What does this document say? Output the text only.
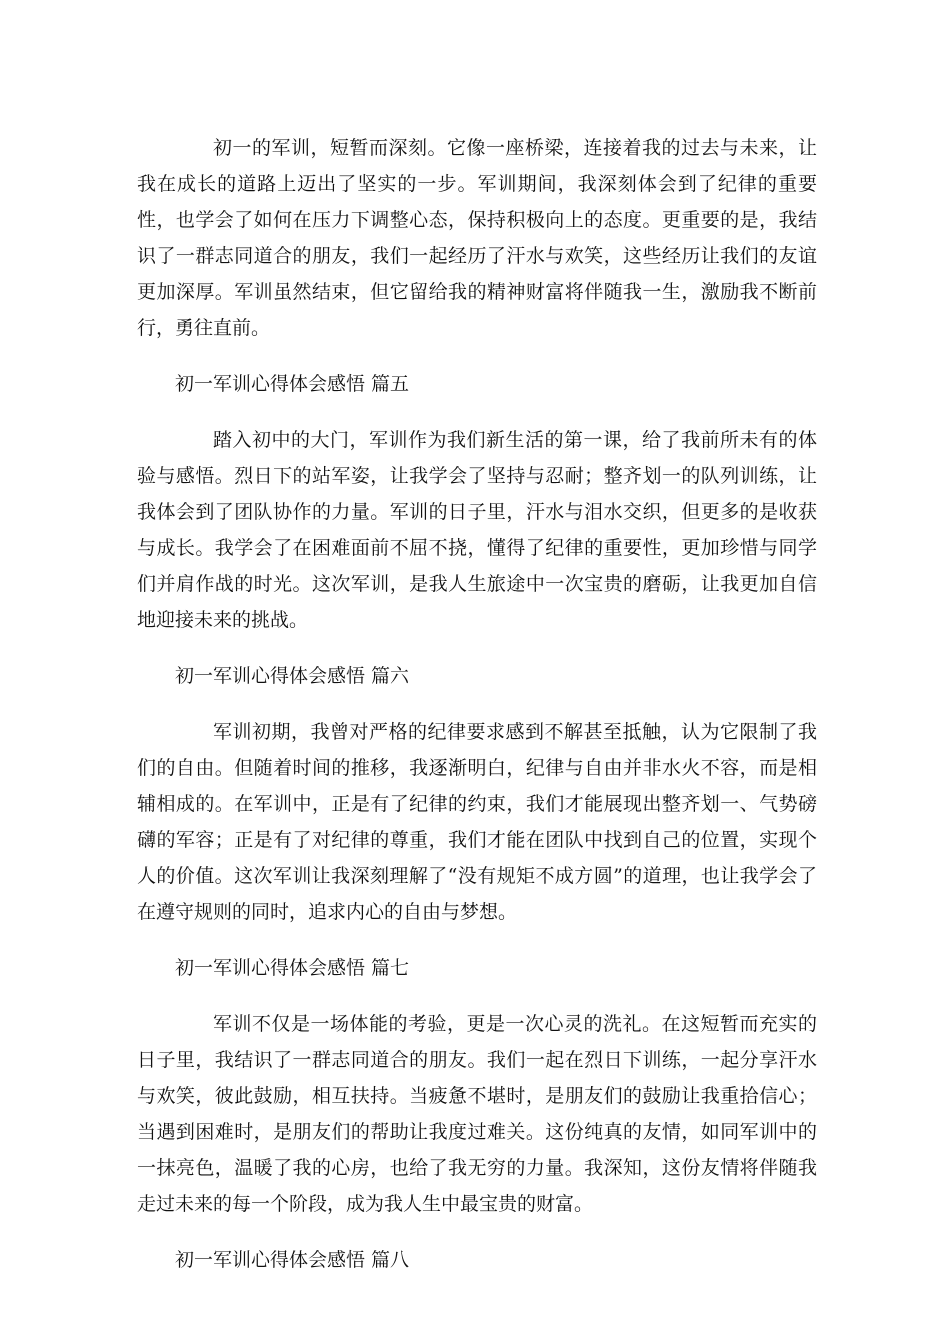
初一的军训，短暂而深刻。它像一座桥梁，连接着我的过去与未来，让我在成长的道路上迈出了坚实的一步。军训期间，我深刻体会到了纪律的重要性，也学会了如何在压力下调整心态，保持积极向上的态度。更重要的是，我结识了一群志同道合的朋友，我们一起经历了汗水与欢笑，这些经历让我们的友谊更加深厚。军训虽然结束，但它留给我的精神财富将伴随我一生，激励我不断前行，勇往直前。

初一军训心得体会感悟 篇五

踏入初中的大门，军训作为我们新生活的第一课，给了我前所未有的体验与感悟。烈日下的站军姿，让我学会了坚持与忍耐；整齐划一的队列训练，让我体会到了团队协作的力量。军训的日子里，汗水与泪水交织，但更多的是收获与成长。我学会了在困难面前不屈不挠，懂得了纪律的重要性，更加珍惜与同学们并肩作战的时光。这次军训，是我人生旅途中一次宝贵的磨砺，让我更加自信地迎接未来的挑战。

初一军训心得体会感悟 篇六

军训初期，我曾对严格的纪律要求感到不解甚至抵触，认为它限制了我们的自由。但随着时间的推移，我逐渐明白，纪律与自由并非水火不容，而是相辅相成的。在军训中，正是有了纪律的约束，我们才能展现出整齐划一、气势磅礴的军容；正是有了对纪律的尊重，我们才能在团队中找到自己的位置，实现个人的价值。这次军训让我深刻理解了“没有规矩不成方圆”的道理，也让我学会了在遵守规则的同时，追求内心的自由与梦想。

初一军训心得体会感悟 篇七

军训不仅是一场体能的考验，更是一次心灵的洗礼。在这短暂而充实的日子里，我结识了一群志同道合的朋友。我们一起在烈日下训练，一起分享汗水与欢笑，彼此鼓励，相互扶持。当疲惫不堪时，是朋友们的鼓励让我重拾信心；当遇到困难时，是朋友们的帮助让我度过难关。这份纯真的友情，如同军训中的一抹亮色，温暖了我的心房，也给了我无穷的力量。我深知，这份友情将伴随我走过未来的每一个阶段，成为我人生中最宝贵的财富。

初一军训心得体会感悟 篇八
